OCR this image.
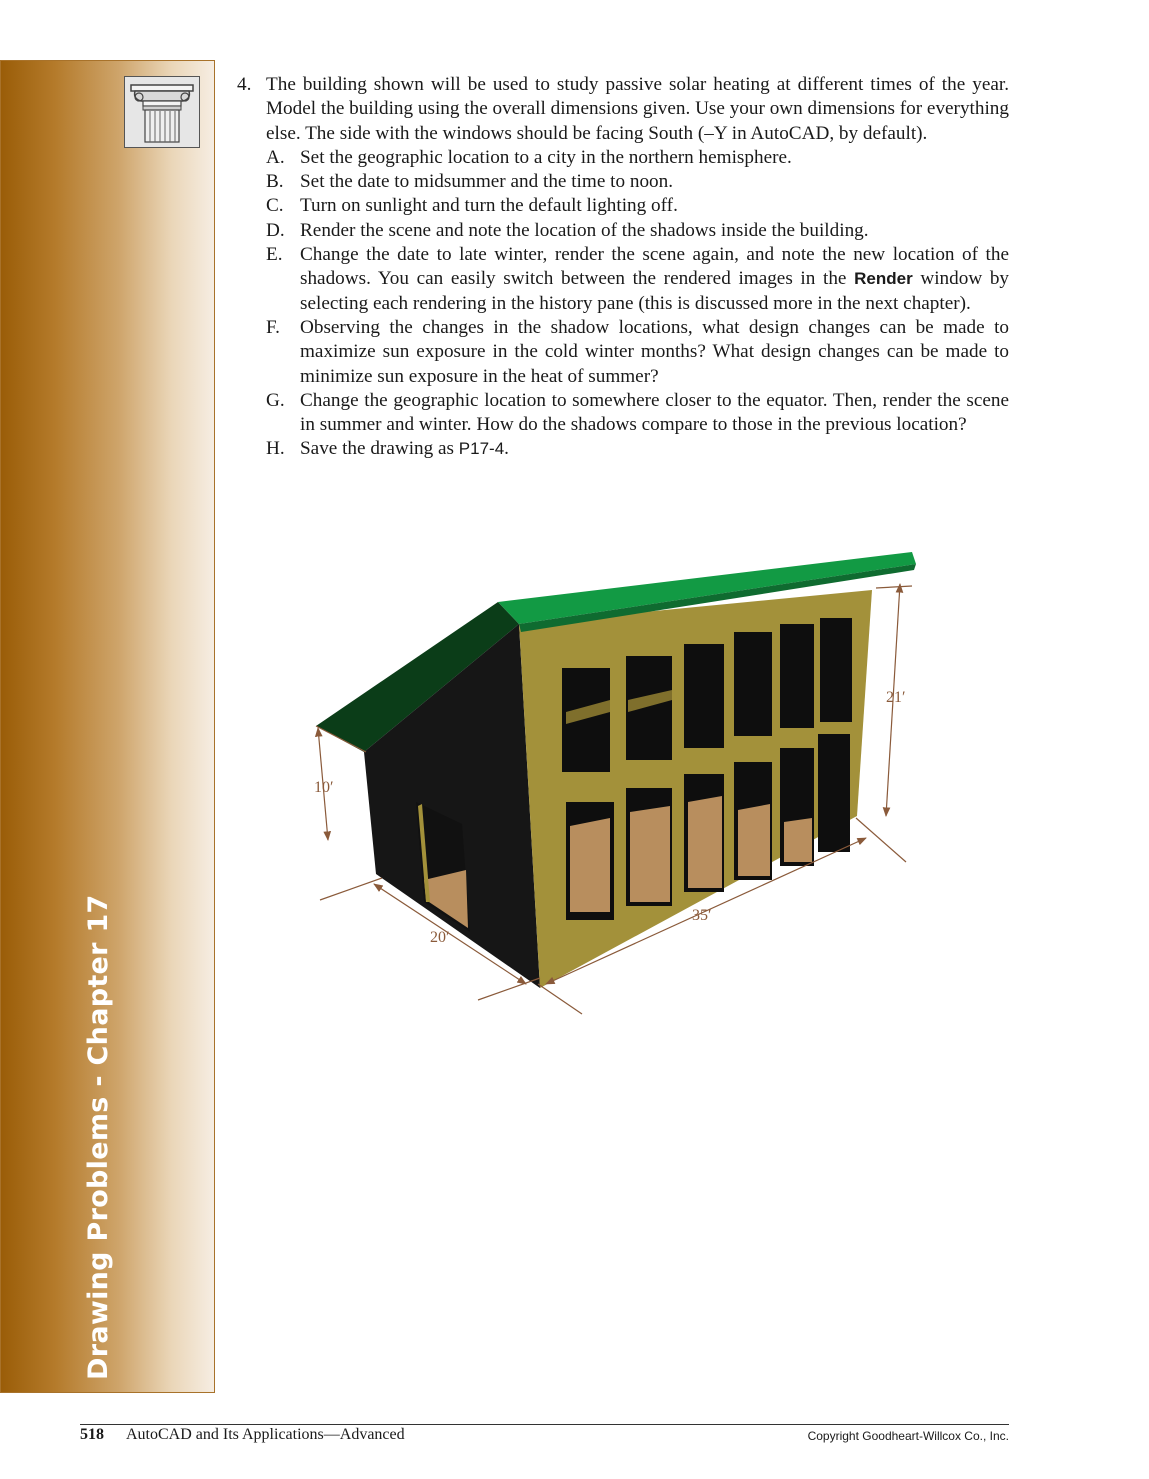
Drawing Problems - Chapter 17
4. The building shown will be used to study passive solar heating at different times of the year. Model the building using the overall dimensions given. Use your own dimensions for everything else. The side with the windows should be facing South (–Y in AutoCAD, by default).
A. Set the geographic location to a city in the northern hemisphere.
B. Set the date to midsummer and the time to noon.
C. Turn on sunlight and turn the default lighting off.
D. Render the scene and note the location of the shadows inside the building.
E. Change the date to late winter, render the scene again, and note the new location of the shadows. You can easily switch between the rendered images in the Render window by selecting each rendering in the history pane (this is discussed more in the next chapter).
F.	Observing the changes in the shadow locations, what design changes can be made to maximize sun exposure in the cold winter months? What design changes can be made to minimize sun exposure in the heat of summer?
G. Change the geographic location to somewhere closer to the equator. Then, render the scene in summer and winter. How do the shadows compare to those in the previous location?
H. Save the drawing as P17-4.
21′
10′
20′
35′
518 AutoCAD and Its Applications—Advanced	Copyright Goodheart-Willcox Co., Inc.
